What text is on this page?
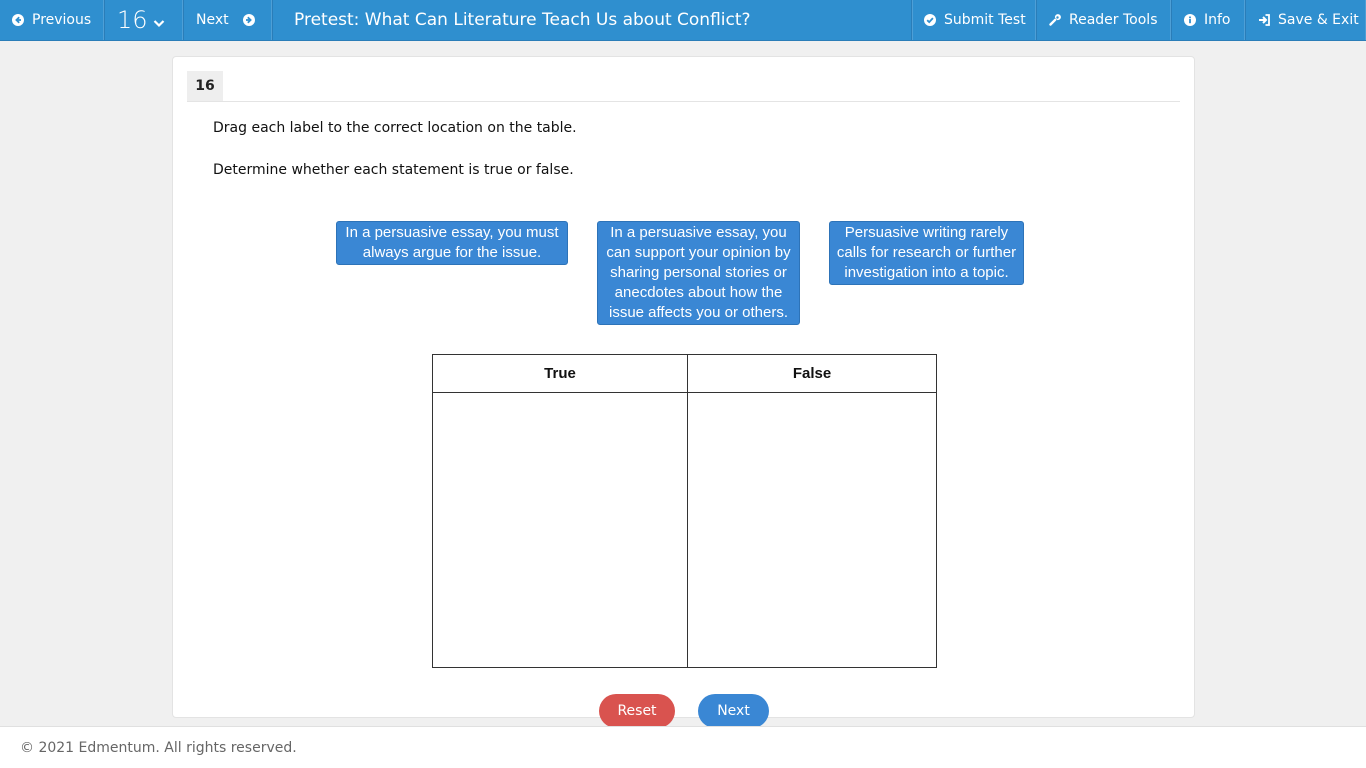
Previous 16	Next	Pretest: What Can Literature Teach Us about Conflict?	Submit Test	Reader Tools	Info	Save & Exit
16
Drag each label to the correct location on the table.
Determine whether each statement is true or false.
In a persuasive essay, you must always argue for the issue.
In a persuasive essay, you can support your opinion by sharing personal stories or anecdotes about how the issue affects you or others.
Persuasive writing rarely calls for research or further investigation into a topic.
True	False

Reset	Next
© 2021 Edmentum. All rights reserved.
